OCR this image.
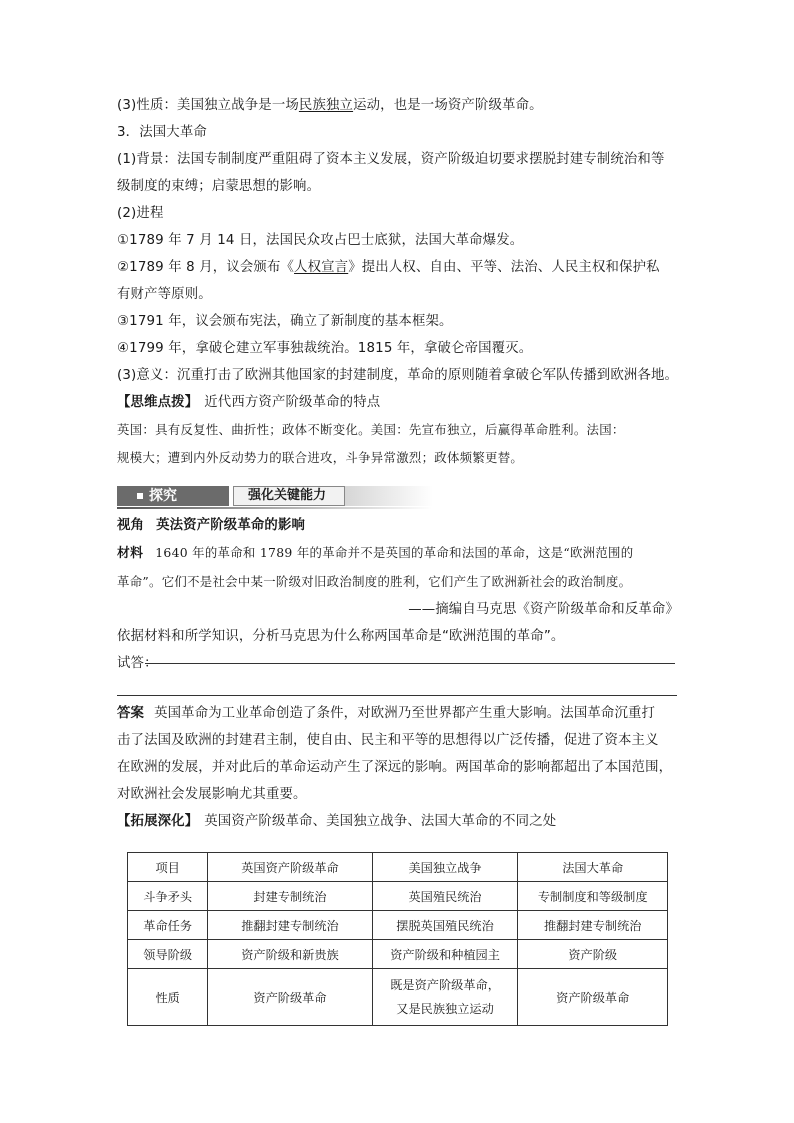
(3)性质：美国独立战争是一场民族独立运动，也是一场资产阶级革命。
3．法国大革命
(1)背景：法国专制制度严重阻碍了资本主义发展，资产阶级迫切要求摆脱封建专制统治和等
级制度的束缚；启蒙思想的影响。
(2)进程
①1789 年 7 月 14 日，法国民众攻占巴士底狱，法国大革命爆发。
②1789 年 8 月，议会颁布《人权宣言》提出人权、自由、平等、法治、人民主权和保护私
有财产等原则。
③1791 年，议会颁布宪法，确立了新制度的基本框架。
④1799 年，拿破仑建立军事独裁统治。1815 年，拿破仑帝国覆灭。
(3)意义：沉重打击了欧洲其他国家的封建制度，革命的原则随着拿破仑军队传播到欧洲各地。
【思维点拨】 近代西方资产阶级革命的特点
英国：具有反复性、曲折性；政体不断变化。美国：先宣布独立，后赢得革命胜利。法国：
规模大；遭到内外反动势力的联合进攻，斗争异常激烈；政体频繁更替。
探究	强化关键能力
视角 英法资产阶级革命的影响
材料 1640 年的革命和 1789 年的革命并不是英国的革命和法国的革命，这是“欧洲范围的
革命”。它们不是社会中某一阶级对旧政治制度的胜利，它们产生了欧洲新社会的政治制度。
——摘编自马克思《资产阶级革命和反革命》
依据材料和所学知识，分析马克思为什么称两国革命是“欧洲范围的革命”。
试答：
答案 英国革命为工业革命创造了条件，对欧洲乃至世界都产生重大影响。法国革命沉重打
击了法国及欧洲的封建君主制，使自由、民主和平等的思想得以广泛传播，促进了资本主义
在欧洲的发展，并对此后的革命运动产生了深远的影响。两国革命的影响都超出了本国范围，
对欧洲社会发展影响尤其重要。
【拓展深化】 英国资产阶级革命、美国独立战争、法国大革命的不同之处
项目	英国资产阶级革命	美国独立战争	法国大革命
斗争矛头	封建专制统治	英国殖民统治	专制制度和等级制度
革命任务	推翻封建专制统治	摆脱英国殖民统治	推翻封建专制统治
领导阶级	资产阶级和新贵族	资产阶级和种植园主	资产阶级
性质	资产阶级革命	既是资产阶级革命，
又是民族独立运动	资产阶级革命
